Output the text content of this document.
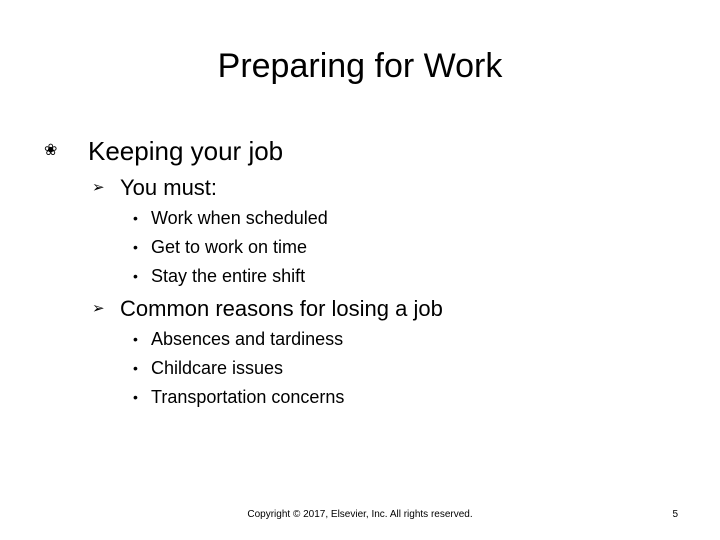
Preparing for Work
❀	Keeping your job
➢ You must:
• Work when scheduled
• Get to work on time
• Stay the entire shift
➢ Common reasons for losing a job
• Absences and tardiness
• Childcare issues
• Transportation concerns
Copyright © 2017, Elsevier, Inc. All rights reserved.	5
